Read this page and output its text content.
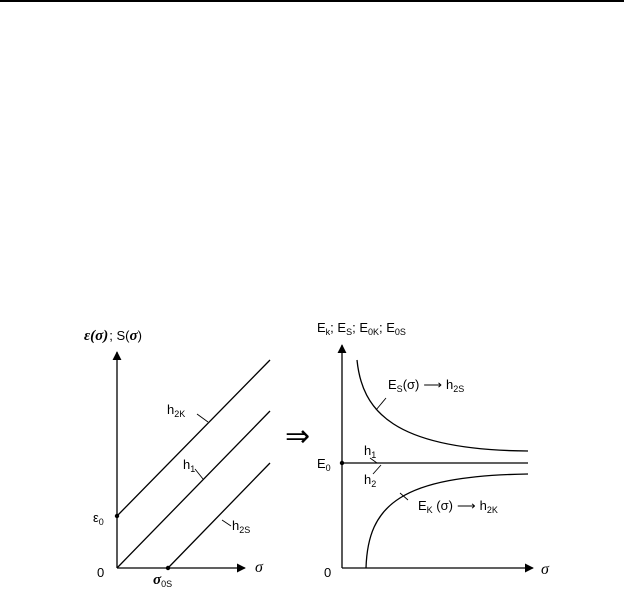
ε(σ); S(σ)
σ
0
ε0
σ0S
h2K
h1
h2S
⇒
Ek; ES; E0K; E0S
σ
0
E0
ES(σ) ⟶ h2S
h1
h2
EK (σ) ⟶ h2K
